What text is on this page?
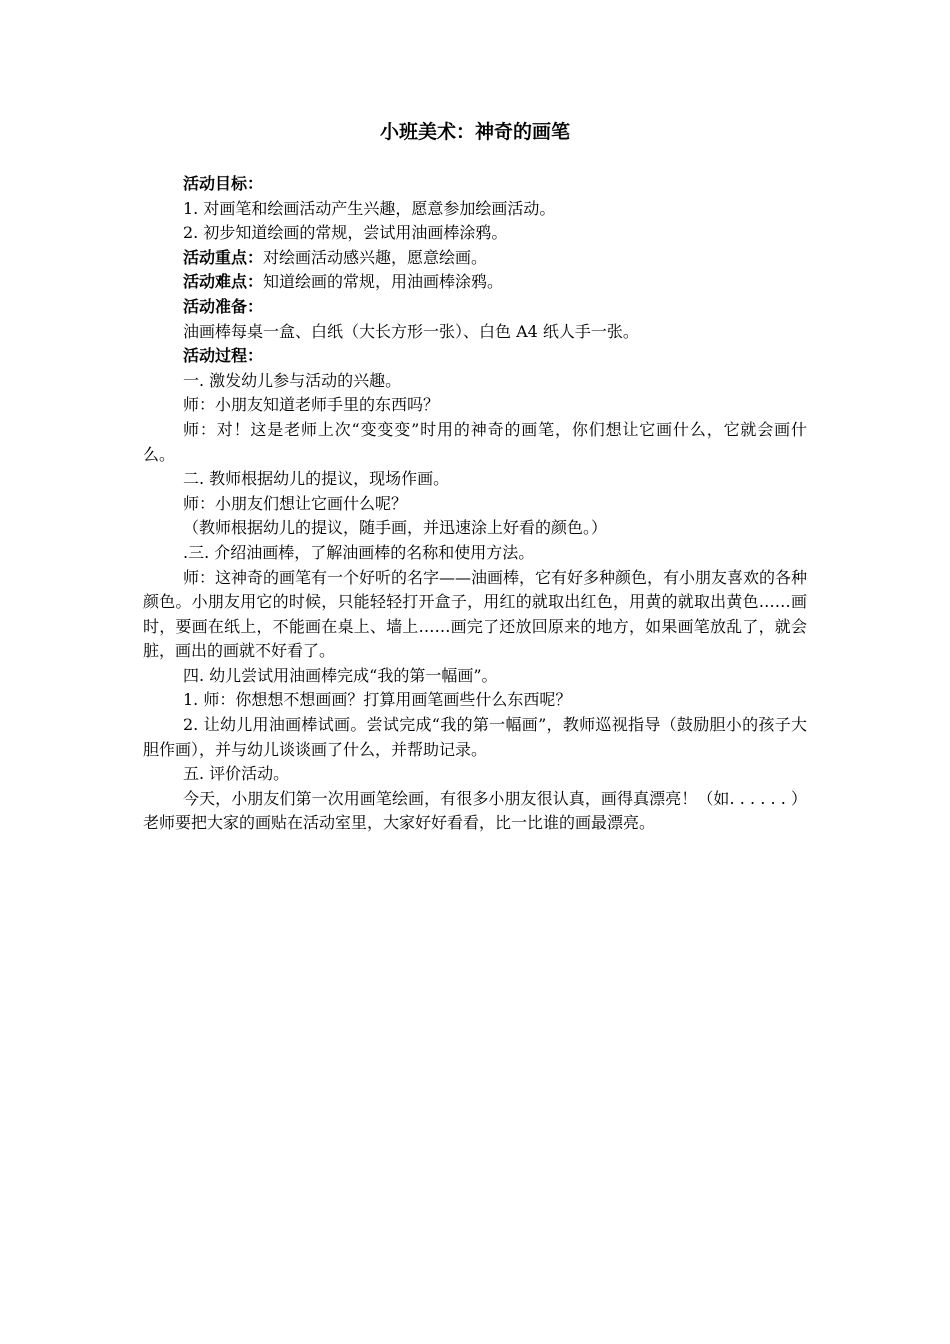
小班美术：神奇的画笔

活动目标：

1. 对画笔和绘画活动产生兴趣，愿意参加绘画活动。

2. 初步知道绘画的常规，尝试用油画棒涂鸦。

活动重点：对绘画活动感兴趣，愿意绘画。

活动难点：知道绘画的常规，用油画棒涂鸦。

活动准备：

油画棒每桌一盒、白纸（大长方形一张）、白色 A4 纸人手一张。

活动过程：

一. 激发幼儿参与活动的兴趣。

师：小朋友知道老师手里的东西吗？

师：对！这是老师上次“变变变”时用的神奇的画笔，你们想让它画什么，它就会画什么。

二. 教师根据幼儿的提议，现场作画。

师：小朋友们想让它画什么呢？

（教师根据幼儿的提议，随手画，并迅速涂上好看的颜色。）

.三. 介绍油画棒，了解油画棒的名称和使用方法。

师：这神奇的画笔有一个好听的名字——油画棒，它有好多种颜色，有小朋友喜欢的各种颜色。小朋友用它的时候，只能轻轻打开盒子，用红的就取出红色，用黄的就取出黄色……画时，要画在纸上，不能画在桌上、墙上……画完了还放回原来的地方，如果画笔放乱了，就会脏，画出的画就不好看了。

四. 幼儿尝试用油画棒完成“我的第一幅画”。

1. 师：你想想不想画画？打算用画笔画些什么东西呢？

2. 让幼儿用油画棒试画。尝试完成“我的第一幅画”，教师巡视指导（鼓励胆小的孩子大胆作画），并与幼儿谈谈画了什么，并帮助记录。

五. 评价活动。

今天，小朋友们第一次用画笔绘画，有很多小朋友很认真，画得真漂亮！（如. . . . . . ）老师要把大家的画贴在活动室里，大家好好看看，比一比谁的画最漂亮。
